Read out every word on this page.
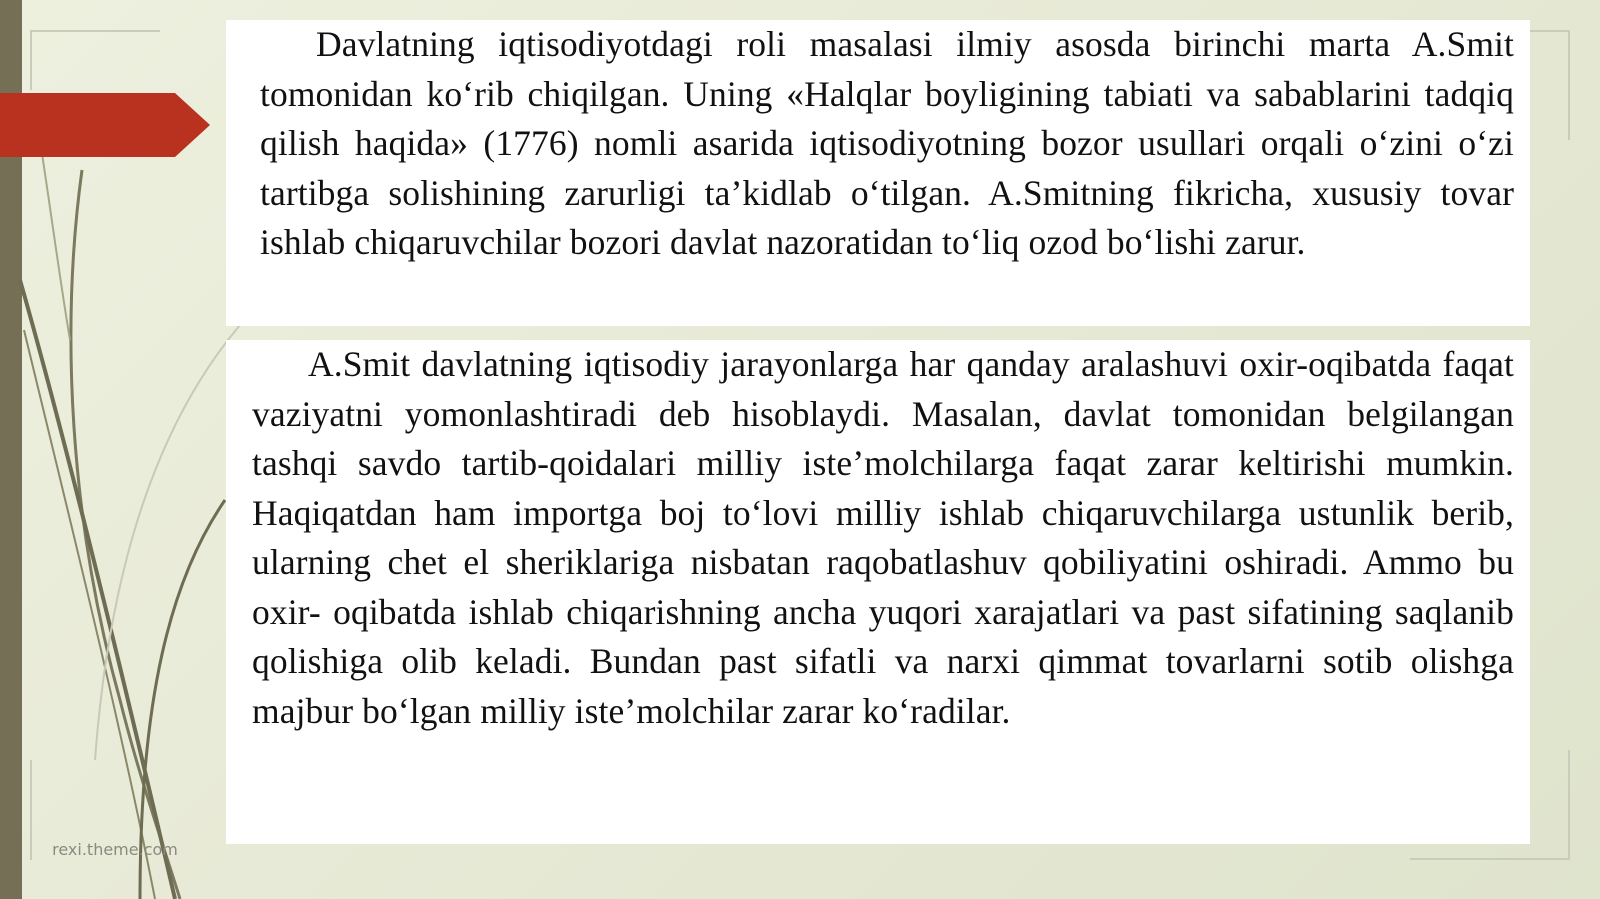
Davlatning iqtisodiyotdagi roli masalasi ilmiy asosda birinchi marta A.Smit tomonidan ko‘rib chiqilgan. Uning «Halqlar boyligining tabiati va sabablarini tadqiq qilish haqida» (1776) nomli asarida iqtisodiyotning bozor usullari orqali o‘zini o‘zi tartibga solishining zarurligi ta’kidlab o‘tilgan. A.Smitning fikricha, xususiy tovar ishlab chiqaruvchilar bozori davlat nazoratidan to‘liq ozod bo‘lishi zarur.

A.Smit davlatning iqtisodiy jarayonlarga har qanday aralashuvi oxir-oqibatda faqat vaziyatni yomonlashtiradi deb hisoblaydi. Masalan, davlat tomonidan belgilangan tashqi savdo tartib-qoidalari milliy iste’molchilarga faqat zarar keltirishi mumkin. Haqiqatdan ham importga boj to‘lovi milliy ishlab chiqaruvchilarga ustunlik berib, ularning chet el sheriklariga nisbatan raqobatlashuv qobiliyatini oshiradi. Ammo bu oxir- oqibatda ishlab chiqarishning ancha yuqori xarajatlari va past sifatining saqlanib qolishiga olib keladi. Bundan past sifatli va narxi qimmat tovarlarni sotib olishga majbur bo‘lgan milliy iste’molchilar zarar ko‘radilar.

rexi.theme.com
